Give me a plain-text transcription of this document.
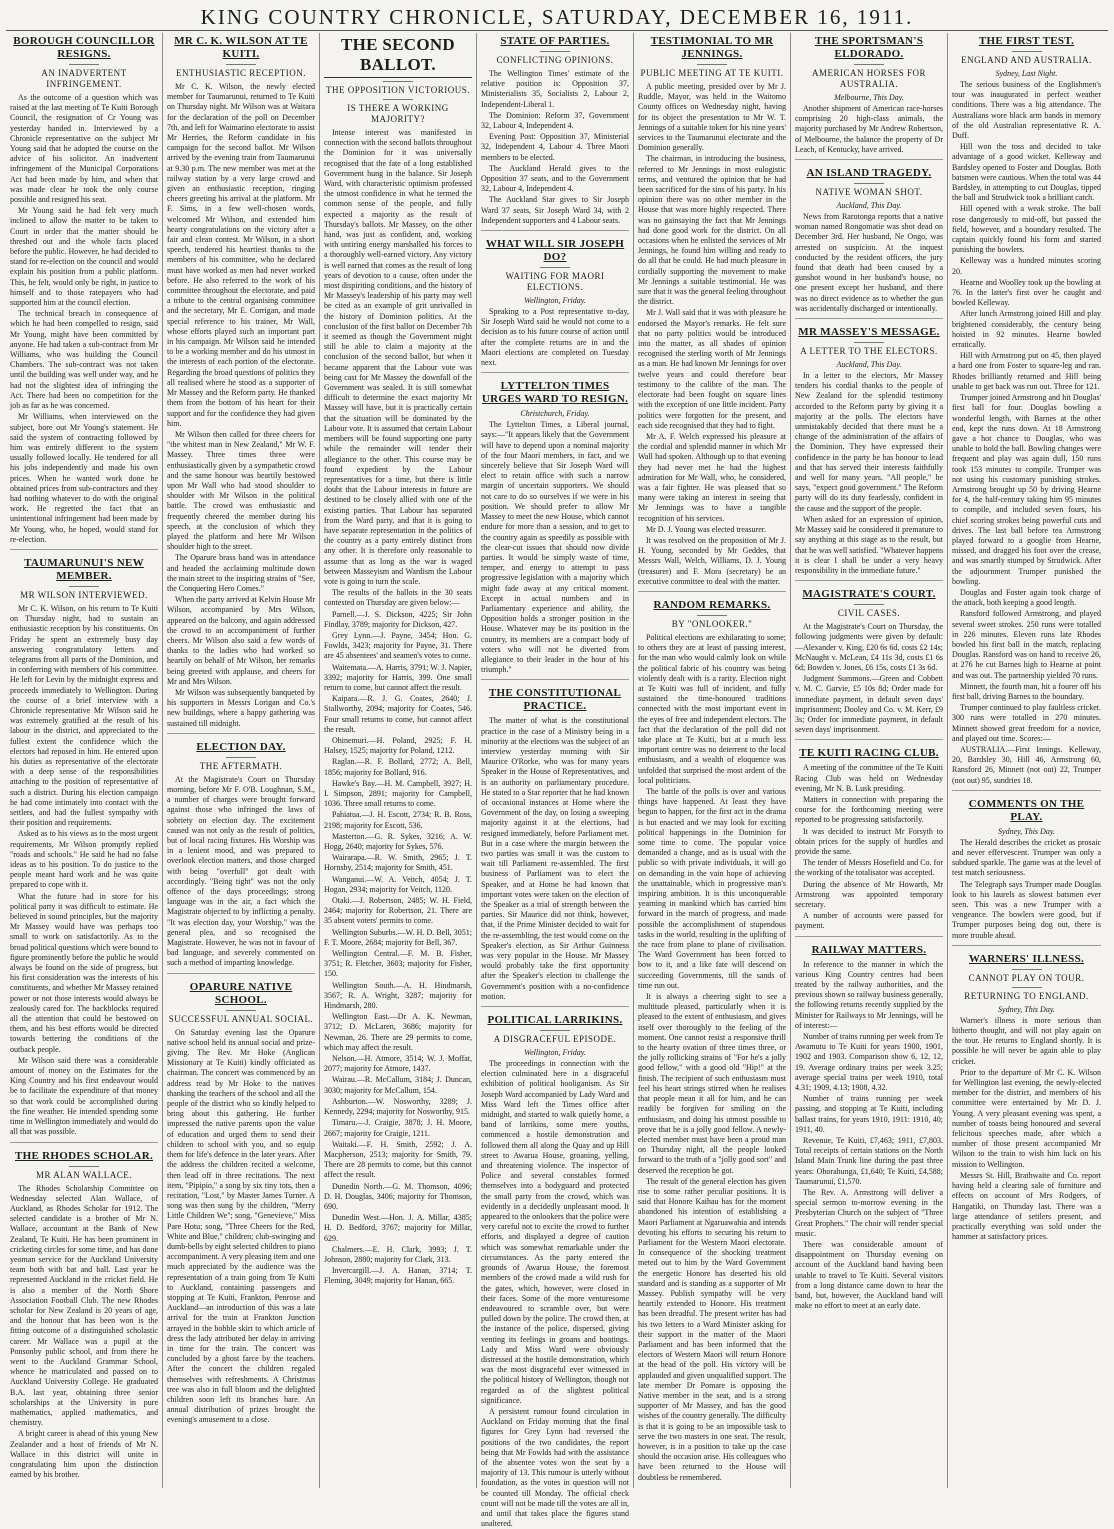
KING COUNTRY CHRONICLE, SATURDAY, DECEMBER 16, 1911.
BOROUGH COUNCILLOR RESIGNS.
AN INADVERTENT INFRINGEMENT.

As the outcome of a question which was raised at the last meeting of Te Kuiti Borough Council, the resignation of Cr Young was yesterday handed in. Interviewed by a Chronicle representative on the subject Mr Young said that he adopted the course on the advice of his solicitor. An inadvertent infringement of the Municipal Corporations Act had been made by him, and when that was made clear he took the only course possible and resigned his seat.

Mr Young said he had felt very much inclined to allow the matter to be taken to Court in order that the matter should be threshed out and the whole facts placed before the public. However, he had decided to stand for re-election on the council and would explain his position from a public platform. This, he felt, would only be right, in justice to himself and to those ratepayers who had supported him at the council election.

The technical breach in consequence of which he had been compelled to resign, said Mr Young, might have been committed by anyone. He had taken a sub-contract from Mr Williams, who was building the Council Chambers. The sub-contract was not taken until the building was well under way, and he had not the slightest idea of infringing the Act. There had been no competition for the job as far as he was concerned.

Mr Williams, when interviewed on the subject, bore out Mr Young's statement. He said the system of contracting followed by him was entirely different to the system usually followed locally. He tendered for all his jobs independently and made his own prices. When he wanted work done he obtained prices from sub-contractors and they had nothing whatever to do with the original work. He regretted the fact that an unintentional infringement had been made by Mr Young, who, he hoped, would stand for re-election.

TAUMARUNUI'S NEW MEMBER.
MR WILSON INTERVIEWED.

Mr C. K. Wilson, on his return to Te Kuiti on Thursday night, had to sustain an enthusiastic reception by his constituents. On Friday he spent an extremely busy day answering congratulatory letters and telegrams from all parts of the Dominion, and in conferring with members of his committee. He left for Levin by the midnight express and proceeds immediately to Wellington. During the course of a brief interview with a Chronicle representative Mr Wilson said he was extremely gratified at the result of his labour in the district, and appreciated to the fullest extent the confidence which the electors had reposed in him. He entered upon his duties as representative of the electorate with a deep sense of the responsibilities attaching to the position of representative of such a district. During his election campaign he had come intimately into contact with the settlers, and had the fullest sympathy with their position and requirements.

Asked as to his views as to the most urgent requirements, Mr Wilson promptly replied "roads and schools." He said he had no false ideas as to his position. To do justice to the people meant hard work and he was quite prepared to cope with it.

What the future had in store for his political party it was difficult to estimate. He believed in sound principles, but the majority Mr Massey would have was perhaps too small to work on satisfactorily. As to the broad political questions which were bound to figure prominently before the public he would always be found on the side of progress, but his first consideration was the interests of his constituents, and whether Mr Massey retained power or not those interests would always be zealously cared for. The backblocks required all the attention that could be bestowed on them, and his best efforts would be directed towards bettering the conditions of the outback people.

Mr Wilson said there was a considerable amount of money on the Estimates for the King Country and his first endeavour would be to facilitate the expenditure of that money so that work could be accomplished during the fine weather. He intended spending some time in Wellington immediately and would do all that was possible.

THE RHODES SCHOLAR.
MR ALAN WALLACE.

The Rhodes Scholarship Committee on Wednesday selected Alan Wallace, of Auckland, as Rhodes Scholar for 1912. The selected candidate is a brother of Mr N. Wallace, accountant at the Bank of New Zealand, Te Kuiti. He has been prominent in cricketing circles for some time, and has done yeoman service for the Auckland University team both with bat and ball. Last year he represented Auckland in the cricket field. He is also a member of the North Shore Association Football Club. The new Rhodes scholar for New Zealand is 20 years of age, and the honour that has been won is the fitting outcome of a distinguished scholastic career. Mr Wallace was a pupil at the Ponsonby public school, and from there he went to the Auckland Grammar School, whence he matriculated and passed on to Auckland University College. He graduated B.A. last year, obtaining three senior scholarships at the University in pure mathematics, applied mathematics, and chemistry.

A bright career is ahead of this young New Zealander and a host of friends of Mr N. Wallace in this district will unite in congratulating him upon the distinction earned by his brother.

MR C. K. WILSON AT TE KUITI.
ENTHUSIASTIC RECEPTION.

Mr C. K. Wilson, the newly elected member for Taumarunui, returned to Te Kuiti on Thursday night. Mr Wilson was at Waitara for the declaration of the poll on December 7th, and left for Waimarino electorate to assist Mr Herries, the Reform candidate in his campaign for the second ballot. Mr Wilson arrived by the evening train from Taumarunui at 9.30 p.m. The new member was met at the railway station by a very large crowd and given an enthusiastic reception, ringing cheers greeting his arrival at the platform. Mr F. Sims, in a few well-chosen words, welcomed Mr Wilson, and extended him hearty congratulations on the victory after a fair and clean contest. Mr Wilson, in a short speech, tendered his heartiest thanks to the members of his committee, who he declared must have worked as men had never worked before. He also referred to the work of his committee throughout the electorate, and paid a tribute to the central organising committee and the secretary, Mr E. Corrigan, and made special reference to his trainer, Mr Wall, whose efforts played such an important part in his campaign. Mr Wilson said he intended to be a working member and do his utmost in the interests of each portion of the electorate. Regarding the broad questions of politics they all realised where he stood as a supporter of Mr Massey and the Reform party. He thanked them from the bottom of his heart for their support and for the confidence they had given him.

Mr Wilson then called for three cheers for "the whitest man in New Zealand," Mr W. F. Massey. Three times three were enthusiastically given by a sympathetic crowd and the same honour was heartily bestowed upon Mr Wall who had stood shoulder to shoulder with Mr Wilson in the political battle. The crowd was enthusiastic and frequently cheered the member during his speech, at the conclusion of which they played the platform and here Mr Wilson shoulder high to the street.

The Oparure brass band was in attendance and headed the acclaiming multitude down the main street to the inspiring strains of "See, the Conquering Hero Comes."

When the party arrived at Kelvin House Mr Wilson, accompanied by Mrs Wilson, appeared on the balcony, and again addressed the crowd to an accompaniment of further cheers. Mr Wilson also said a few words of thanks to the ladies who had worked so heartily on behalf of Mr Wilson, her remarks being greeted with applause, and cheers for Mr and Mrs Wilson.

Mr Wilson was subsequently banqueted by his supporters in Messrs Lorigan and Co.'s new buildings, where a happy gathering was sustained till midnight.

ELECTION DAY.
THE AFTERMATH.

At the Magistrate's Court on Thursday morning, before Mr F. O'B. Loughnan, S.M., a number of charges were brought forward against those who infringed the laws of sobriety on election day. The excitement caused was not only as the result of politics, but of local racing fixtures. His Worship was in a lenient mood, and was prepared to overlook election matters, and those charged with being "overfull" got dealt with accordingly. "Being tight" was not the only offence of the days proceedings; strong language was in the air, a fact which the Magistrate objected to by inflicting a penalty. "It was election day, your Worship," was the general plea, and so recognised the Magistrate. However, he was not in favour of bad language, and severely commented on such a method of imparting knowledge.

OPARURE NATIVE SCHOOL.
SUCCESSFUL ANNUAL SOCIAL.

On Saturday evening last the Oparure native school held its annual social and prize-giving. The Rev. Mr Hoke (Anglican Missionary at Te Kuiti) kindly officiated as chairman. The concert was commenced by an address read by Mr Hoke to the natives thanking the teachers of the school and all the people of the district who so kindly helped to bring about this gathering. He further impressed the native parents upon the value of education and urged them to send their children to school with you, and so equip them for life's defence in the later years. After the address the children recited a welcome, then lead off in three recitations. The next item, "Pipipio," a song by six tiny tots, then a recitation, "Lost," by Master James Turner. A song was then sung by the children, "Merry Little Children We"; song, "Genevieve," Miss Pare Hotu; song, "Three Cheers for the Red, White and Blue," children; club-swinging and dumb-bells by eight selected children to piano accompaniment. A very pleasing item and one much appreciated by the audience was the representation of a train going from Te Kuiti to Auckland, containing passengers and stopping at Te Kuiti, Frankton, Penrose and Auckland—an introduction of this was a late arrival for the train at Frankton Junction arrayed in the bobble skirt to which article of dress the lady attributed her delay in arriving in time for the train. The concert was concluded by a ghost farce by the teachers. After the concert the children regaled themselves with refreshments. A Christmas tree was also in full bloom and the delighted children soon left its branches bare. An annual distribution of prizes brought the evening's amusement to a close.

THE SECOND BALLOT.
THE OPPOSITION VICTORIOUS.
IS THERE A WORKING MAJORITY?

Intense interest was manifested in connection with the second ballots throughout the Dominion for it was universally recognised that the fate of a long established Government hung in the balance. Sir Joseph Ward, with characteristic optimism professed the utmost confidence in what he termed the common sense of the people, and fully expected a majority as the result of Thursday's ballots. Mr Massey, on the other hand, was just as confident, and, working with untiring energy marshalled his forces to a thoroughly well-earned victory. Any victory is well earned that comes as the result of long years of devotion to a cause, often under the most dispiriting conditions, and the history of Mr Massey's leadership of his party may well be cited as an example of grit unrivalled in the history of Dominion politics. At the conclusion of the first ballot on December 7th it seemed as though the Government might still be able to claim a majority at the conclusion of the second ballot, but when it became apparent that the Labour vote was being cast for Mr Massey the downfall of the Government was sealed. It is still somewhat difficult to determine the exact majority Mr Massey will have, but it is practically certain that the situation will be dominated by the Labour vote. It is assumed that certain Labour members will be found supporting one party while the remainder will tender their allegiance to the other. This course may be found expedient by the Labour representatives for a time, but there is little doubt that the Labour interests in future are destined to be closely allied with one of the existing parties. That Labour has separated from the Ward party, and that it is going to have separate representation in the politics of the country as a party entirely distinct from any other. It is therefore only reasonable to assume that as long as the war is waged between Masseyism and Wardism the Labour vote is going to turn the scale.

The results of the ballots in the 30 seats contested on Thursday are given below:—

Parnell.—J. S. Dickson, 4225; Sir John Findlay, 3789; majority for Dickson, 427.

Grey Lynn.—J. Payne, 3454; Hon. G. Fowlds, 3423; majority for Payne, 31. There are 45 absentees' and seamen's votes to come.

Waitemata.—A. Harris, 3791; W. J. Napier, 3392; majority for Harris, 399. One small return to come, but cannot affect the result.

Kaipara.—R. J. G. Coates, 2640; J. Stallworthy, 2094; majority for Coates, 546. Four small returns to come, but cannot affect the result.

Ohinemuri.—H. Poland, 2925; F. H. Halsey, 1525; majority for Poland, 1212.

Raglan.—R. F. Bollard, 2772; A. Bell, 1856; majority for Bollard, 916.

Hawke's Bay.—H. M. Campbell, 3927; H. I. Simpson, 2891; majority for Campbell, 1036. Three small returns to come.

Pahiatua.—J. H. Escott, 2734; R. B. Ross, 2198; majority for Escott, 536.

Masterton.—G. R. Sykes, 3216; A. W. Hogg, 2640; majority for Sykes, 576.

Wairarapa.—R. W. Smith, 2965; J. T. Hornsby, 2514; majority for Smith, 451.

Wanganui.—W. A. Veitch, 4054; J. T. Hogan, 2934; majority for Veitch, 1120.

Otaki.—J. Robertson, 2485; W. H. Field, 2464; majority for Robertson, 21. There are 35 absent voters' permits to come.

Wellington Suburbs.—W. H. D. Bell, 3051; F. T. Moore, 2684; majority for Bell, 367.

Wellington Central.—F. M. B. Fisher, 3751; R. Fletcher, 3603; majority for Fisher, 150.

Wellington South.—A. H. Hindmarsh, 3567; R. A. Wright, 3287; majority for Hindmarsh, 280.

Wellington East.—Dr A. K. Newman, 3712; D. McLaren, 3686; majority for Newman, 26. There are 29 permits to come, which may affect the result.

Nelson.—H. Atmore, 3514; W. J. Moffat, 2077; majority for Atmore, 1437.

Wairau.—R. McCallum, 3184; J. Duncan, 3030; majority for McCallum, 154.

Ashburton.—W. Nosworthy, 3289; J. Kennedy, 2294; majority for Nosworthy, 915.

Timaru.—J. Craigie, 3878; J. H. Moore, 2667; majority for Craigie, 1211.

Waitaki.—F. H. Smith, 2592; J. A. Macpherson, 2513; majority for Smith, 79. There are 28 permits to come, but this cannot affect the result.

Dunedin North.—G. M. Thomson, 4096; D. H. Douglas, 3406; majority for Thomson, 690.

Dunedin West.—Hon. J. A. Millar, 4385; H. D. Bedford, 3767; majority for Millar, 629.

Chalmers.—E. H. Clark, 3993; J. T. Johnson, 2880; majority for Clark, 313.

Invercargill.—J. A. Hanan, 3714; T. Fleming, 3049; majority for Hanan, 665.

STATE OF PARTIES.
CONFLICTING OPINIONS.

The Wellington Times' estimate of the relative position is: Opposition 37, Ministerialists 35, Socialists 2, Labour 2, Independent-Liberal 1.

The Dominion: Reform 37, Government 32, Labour 4, Independent 4.

Evening Post: Opposition 37, Ministerial 32, Independent 4, Labour 4. Three Maori members to be elected.

The Auckland Herald gives to the Opposition 37 seats, and to the Government 32, Labour 4, Independent 4.

The Auckland Star gives to Sir Joseph Ward 37 seats, Sir Joseph Ward 34, with 2 Independent supporters and 4 Labour seats.

WHAT WILL SIR JOSEPH DO?
WAITING FOR MAORI ELECTIONS.
Wellington, Friday.

Speaking to a Post representative to-day, Sir Joseph Ward said he would not come to a decision as to his future course of action until after the complete returns are in and the Maori elections are completed on Tuesday next.

LYTTELTON TIMES URGES WARD TO RESIGN.
Christchurch, Friday.

The Lyttelton Times, a Liberal journal, says:—"It appears likely that the Government will have to depend upon a nominal majority of the four Maori members, in fact, and we sincerely believe that Sir Joseph Ward will elect to retain office with such a narrow margin of uncertain supporters. We should not care to do so ourselves if we were in his position. We should prefer to allow Mr Massey to meet the new House, which cannot endure for more than a session, and to get to the country again as speedily as possible with the clear-cut issues that should now divide parties. It would be simply waste of time, temper, and energy to attempt to pass progressive legislation with a majority which might fade away at any critical moment. Except in actual numbers and in Parliamentary experience and ability, the Opposition holds a stronger position in the House. Whatever may be its position in the country, its members are a compact body of voters who will not be diverted from allegiance to their leader in the hour of his triumph."

THE CONSTITUTIONAL PRACTICE.

The matter of what is the constitutional practice in the case of a Ministry being in a minority at the elections was the subject of an interview yesterday morning with Sir Maurice O'Rorke, who was for many years Speaker in the House of Representatives, and is an authority on parliamentary procedure. He stated to a Star reporter that he had known of occasional instances at Home where the Government of the day, on losing a sweeping majority against it at the elections, had resigned immediately, before Parliament met. But in a case where the margin between the two parties was small it was the custom to wait till Parliament re-assembled. The first business of Parliament was to elect the Speaker, and at Home he had known that important votes were taken on the election of the Speaker as a trial of strength between the parties. Sir Maurice did not think, however, that, if the Prime Minister decided to wait for the re-assembling, the test would come on the Speaker's election, as Sir Arthur Guinness was very popular in the House. Mr Massey would probably take the first opportunity after the Speaker's election to challenge the Government's position with a no-confidence motion.

POLITICAL LARRIKINS.
A DISGRACEFUL EPISODE.
Wellington, Friday.

The proceedings in connection with the election culminated here in a disgraceful exhibition of political hooliganism. As Sir Joseph Ward accompanied by Lady Ward and Miss Ward left the Times office after midnight, and started to walk quietly home, a band of larrikins, some mere youths, commenced a hostile demonstration and followed them all along the Quay and up Hill street to Awarua House, groaning, yelling, and threatening violence. The inspector of Police and several constables formed themselves into a bodyguard and protected the small party from the crowd, which was evidently in a decidedly unpleasant mood. It appeared to the onlookers that the police were very careful not to excite the crowd to further efforts, and displayed a degree of caution which was somewhat remarkable under the circumstances. As the party entered the grounds of Awarua House, the foremost members of the crowd made a wild rush for the gates, which, however, were closed in their faces. Some of the more venturesome endeavoured to scramble over, but were pulled down by the police. The crowd then, at the instance of the police, dispersed, giving venting its feelings in groans and hootings. Lady and Miss Ward were obviously distressed at the hostile demonstration, which was the most disgraceful ever witnessed in the political history of Wellington, though not regarded as of the slightest political significance.

A persistent rumour found circulation in Auckland on Friday morning that the final figures for Grey Lynn had reversed the positions of the two candidates, the report being that Mr Fowlds had with the assistance of the absentee votes won the seat by a majority of 13. This rumour is utterly without foundation, as the votes in question will not be counted till Monday. The official check count will not be made till the votes are all in, and until that takes place the figures stand unaltered.

TESTIMONIAL TO MR JENNINGS.
PUBLIC MEETING AT TE KUITI.

A public meeting, presided over by Mr J. Ruddle, Mayor, was held in the Waitomo County offices on Wednesday night, having for its object the presentation to Mr W. T. Jennings of a suitable token for his nine years' services to the Taumarunui electorate and the Dominion generally.

The chairman, in introducing the business, referred to Mr Jennings in most eulogistic terms, and ventured the opinion that he had been sacrificed for the sins of his party. In his opinion there was no other member in the House that was more highly respected. There was no gainsaying the fact that Mr Jennings had done good work for the district. On all occasions when he enlisted the services of Mr Jennings, he found him willing and ready to do all that he could. He had much pleasure in cordially supporting the movement to make Mr Jennings a suitable testimonial. He was sure that it was the general feeling throughout the district.

Mr J. Wall said that it was with pleasure he endorsed the Mayor's remarks. He felt sure that no party politics would be introduced into the matter, as all shades of opinion recognised the sterling worth of Mr Jennings as a man. He had known Mr Jennings for over twelve years and could therefore bear testimony to the calibre of the man. The electorate had been fought on square lines with the exception of one little incident. Party politics were forgotten for the present, and each side recognised that they had to fight.

Mr A. F. Welch expressed his pleasure at the cordial and splendid manner in which Mr Wall had spoken. Although up to that evening they had never met he had the highest admiration for Mr Wall, who, he considered, was a fair fighter. He was pleased that so many were taking an interest in seeing that Mr Jennings was to have a tangible recognition of his services.

Mr D. J. Young was elected treasurer.

It was resolved on the proposition of Mr J. H. Young, seconded by Mr Geddes, that Messrs Wall, Welch, Williams, D. J. Young (treasurer) and F. Mora (secretary) be an executive committee to deal with the matter.

RANDOM REMARKS.
BY "ONLOOKER."

Political elections are exhilarating to some; to others they are at least of passing interest, for the man who would calmly look on while the political fabric of his country was being violently dealt with is a rarity. Election night at Te Kuiti was full of incident, and fully sustained the time-honoured traditions connected with the most important event in the eyes of free and independent electors. The fact that the declaration of the poll did not take place at Te Kuiti, but at a much less important centre was no deterrent to the local enthusiasm, and a wealth of eloquence was unfolded that surprised the most ardent of the local politicians.

The battle of the polls is over and various things have happened. At least they have begun to happen, for the first act in the drama is but enacted and we may look for exciting political happenings in the Dominion for some time to come. The popular voice demanded a change, and as is usual with the public so with private individuals, it will go on demanding in the vain hope of achieving the unattainable, which in progressive man's inspiring ambition. It is this unconquerable yearning in mankind which has carried him forward in the march of progress, and made possible the accomplishment of stupendous tasks in the world, resulting in the uplifting of the race from plane to plane of civilisation. The Ward Government has been forced to bow to it, and a like fate will descend on succeeding Governments, till the sands of time run out.

It is always a cheering sight to see a multitude pleased, particularly when it is pleased to the extent of enthusiasm, and gives itself over thoroughly to the feeling of the moment. One cannot resist a responsive thrill to the hearty ovation of three times three, or the jolly rollicking strains of "For he's a jolly good fellow," with a good old "Hip!" at the finish. The recipient of such enthusiasm must feel his heart strings stirred when he realises that people mean it all for him, and he can readily be forgiven for smiling on the enthusiasm, and doing his utmost possible to prove that he is a jolly good fellow. A newly-elected member must have been a proud man on Thursday night, all the people looked forward to the truth of a "jolly good sort" and deserved the reception he got.

The result of the general election has given rise to some rather peculiar positions. It is said that Honore Kaihau has for the moment abandoned his intention of establishing a Maori Parliament at Ngaruawahia and intends devoting his efforts to securing his return to Parliament for the Western Maori electorate. In consequence of the shocking treatment meted out to him by the Ward Government the energetic Honore has deserted his old standard and is standing as a supporter of Mr Massey. Publish sympathy will be very heartily extended to Honore. His treatment has been dreadful. The present writer has had his two letters to a Ward Minister asking for their support in the matter of the Maori Parliament and has been informed that the electors of Western Maori will return Honore at the head of the poll. His victory will be applauded and given unqualified support. The late member Dr Pomare is opposing the Native member in the seat, and is a strong supporter of Mr Massey, and has the good wishes of the country generally. The difficulty is that it is going to be an impossible task to serve the two masters in one seat. The result, however, is in a position to take up the case should the occasion arise. His colleagues who have been returned to the House will doubtless be remembered.

THE SPORTSMAN'S ELDORADO.
AMERICAN HORSES FOR AUSTRALIA.
Melbourne, This Day.

Another shipment of American race-horses comprising 20 high-class animals, the majority purchased by Mr Andrew Robertson, of Melbourne, the balance the property of Dr Leach, of Kentucky, have arrived.

AN ISLAND TRAGEDY.
NATIVE WOMAN SHOT.
Auckland, This Day.

News from Rarotonga reports that a native woman named Rongomatie was shot dead on December 3rd. Her husband, Ne Ongo, was arrested on suspicion. At the inquest conducted by the resident officers, the jury found that death had been caused by a gunshot wound in her husband's house, no one present except her husband, and there was no direct evidence as to whether the gun was accidentally discharged or intentionally.

MR MASSEY'S MESSAGE.
A LETTER TO THE ELECTORS.
Auckland, This Day.

In a letter to the electors, Mr Massey tenders his cordial thanks to the people of New Zealand for the splendid testimony accorded to the Reform party by giving it a majority at the polls. The electors have unmistakably decided that there must be a change of the administration of the affairs of the Dominion. They have expressed their confidence in the party he has honour to lead and that has served their interests faithfully and well for many years. "All people," he says, "expect good government." The Reform party will do its duty fearlessly, confident in the cause and the support of the people.

When asked for an expression of opinion, Mr Massey said he considered it premature to say anything at this stage as to the result, but that he was well satisfied. "Whatever happens it is clear I shall be under a very heavy responsibility in the immediate future."

MAGISTRATE'S COURT.
CIVIL CASES.

At the Magistrate's Court on Thursday, the following judgments were given by default:—Alexander v. King, £20 6s 6d, costs £2 14s; McNaught v. McLean, £4 11s 3d, costs £1 6s 6d; Bowden v. Jones, £6 15s, costs £1 3s 6d.

Judgment Summons.—Green and Cobbett v. M. C. Garvie, £5 10s 8d; Order made for immediate payment, in default seven days' imprisonment; Dooley and Co. v. M. Kerr, £9 3s; Order for immediate payment, in default seven days' imprisonment.

TE KUITI RACING CLUB.

A meeting of the committee of the Te Kuiti Racing Club was held on Wednesday evening, Mr N. B. Lusk presiding.

Matters in connection with preparing the course for the forthcoming meeting were reported to be progressing satisfactorily.

It was decided to instruct Mr Forsyth to obtain prices for the supply of hurdles and provide the same.

The tender of Messrs Hosefield and Co. for the working of the totalisator was accepted.

During the absence of Mr Howarth, Mr Armstrong was appointed temporary secretary.

A number of accounts were passed for payment.

RAILWAY MATTERS.

In reference to the manner in which the various King Country centres had been treated by the railway authorities, and the previous shown so railway business generally, the following returns recently supplied by the Minister for Railways to Mr Jennings, will be of interest:—

Number of trains running per week from Te Awamutu to Te Kuiti for years 1900, 1901, 1902 and 1903. Comparison show 6, 12, 12, 19. Average ordinary trains per week 3.25; average special trains per week 1910, total 4.31; 1909, 4.13; 1908, 4.32.

Number of trains running per week passing, and stopping at Te Kuiti, including ballast trains, for years 1910, 1911: 1910, 40; 1911, 40.

Revenue, Te Kuiti, £7,463; 1911, £7,803. Total receipts of certain stations on the North Island Main Trunk line during the past three years: Ohorahunga, £1,640; Te Kuiti, £4,588; Taumarunui, £1,570.

The Rev. A. Armstrong will deliver a special sermon to-morrow evening in the Presbyterian Church on the subject of "Three Great Prophets." The choir will render special music.

There was considerable amount of disappointment on Thursday evening on account of the Auckland band having been unable to travel to Te Kuiti. Several visitors from a long distance came down to hear the band, but, however, the Auckland band will make no effort to meet at an early date.

THE FIRST TEST.
ENGLAND AND AUSTRALIA.
Sydney, Last Night.

The serious business of the Englishmen's tour was inaugurated in perfect weather conditions. There was a big attendance. The Australians wore black arm bands in memory of the old Australian representative R. A. Duff.

Hill won the toss and decided to take advantage of a good wicket. Kelleway and Bardsley opened to Foster and Douglas. Both batsmen were cautious. When the total was 44 Bardsley, in attempting to cut Douglas, tipped the ball and Strudwick took a brilliant catch.

Hill opened with a weak stroke. The ball rose dangerously to mid-off, but passed the field, however, and a boundary resulted. The captain quickly found his form and started punishing the bowlers.

Kelleway was a hundred minutes scoring 20.

Hearne and Woolley took up the bowling at 76. In the latter's first over he caught and bowled Kelleway.

After lunch Armstrong joined Hill and play brightened considerably, the century being hoisted in 92 minutes. Hearne bowled erratically.

Hill with Armstrong put on 45, then played a hard one from Foster to square-leg and ran. Rhodes brilliantly returned and Hill being unable to get back was run out. Three for 121.

Trumper joined Armstrong and hit Douglas' first ball for four. Douglas bowling a wonderful length, with Barnes at the other end, kept the runs down. At 18 Armstrong gave a hot chance to Douglas, who was unable to hold the ball. Bowling changes were frequent and play was again dull, 150 runs took 153 minutes to compile. Trumper was not using his customary punishing strokes. Armstrong brought up 50 by driving Hearne for 4, the half-century taking him 95 minutes to compile, and included seven fours, his chief scoring strokes being powerful cuts and drives. The last ball before tea Armstrong played forward to a googlie from Hearne, missed, and dragged his foot over the crease, and was smartly stumped by Strudwick. After the adjournment Trumper punished the bowling.

Douglas and Foster again took charge of the attack, both keeping a good length.

Ransford followed Armstrong, and played several sweet strokes. 250 runs were totalled in 226 minutes. Eleven runs late Rhodes bowled his first ball in the match, replacing Douglas. Ransford was on hand to receive 26, at 276 he cut Barnes high to Hearne at point and was out. The partnership yielded 70 runs.

Minnett, the fourth man, hit a fourer off his first ball, driving Barnes to the boundary.

Trumper continued to play faultless cricket. 300 runs were totalled in 270 minutes. Minnett showed great freedom for a novice, and played out time. Scores:—

AUSTRALIA.—First Innings. Kelleway, 20, Bardsley 30, Hill 46, Armstrong 60, Ransford 26, Minnett (not out) 22, Trumper (not out) 95, sundries 18.

COMMENTS ON THE PLAY.
Sydney, This Day.

The Herald describes the cricket as prosaic and never effervescent. Trumper was only a subdued sparkle. The game was at the level of test match seriousness.

The Telegraph says Trumper made Douglas look to his laurels as slowest batsmen ever seen. This was a new Trumper with a vengeance. The bowlers were good, but if Trumper purposes being dog out, there is more trouble ahead.

WARNERS' ILLNESS.
CANNOT PLAY ON TOUR.
RETURNING TO ENGLAND.
Sydney, This Day.

Warner's illness is more serious than hitherto thought, and will not play again on the tour. He returns to England shortly. It is possible he will never be again able to play cricket.

Prior to the departure of Mr C. K. Wilson for Wellington last evening, the newly-elected member for the district, and members of his committee were entertained by Mr D. J. Young. A very pleasant evening was spent, a number of toasts being honoured and several felicitous speeches made, after which a number of those present accompanied Mr Wilson to the train to wish him luck on his mission to Wellington.

Messrs St. Hill, Brathwaite and Co. report having held a clearing sale of furniture and effects on account of Mrs Rodgers, of Hangatiki, on Thursday last. There was a large attendance of settlers present, and practically everything was sold under the hammer at satisfactory prices.
